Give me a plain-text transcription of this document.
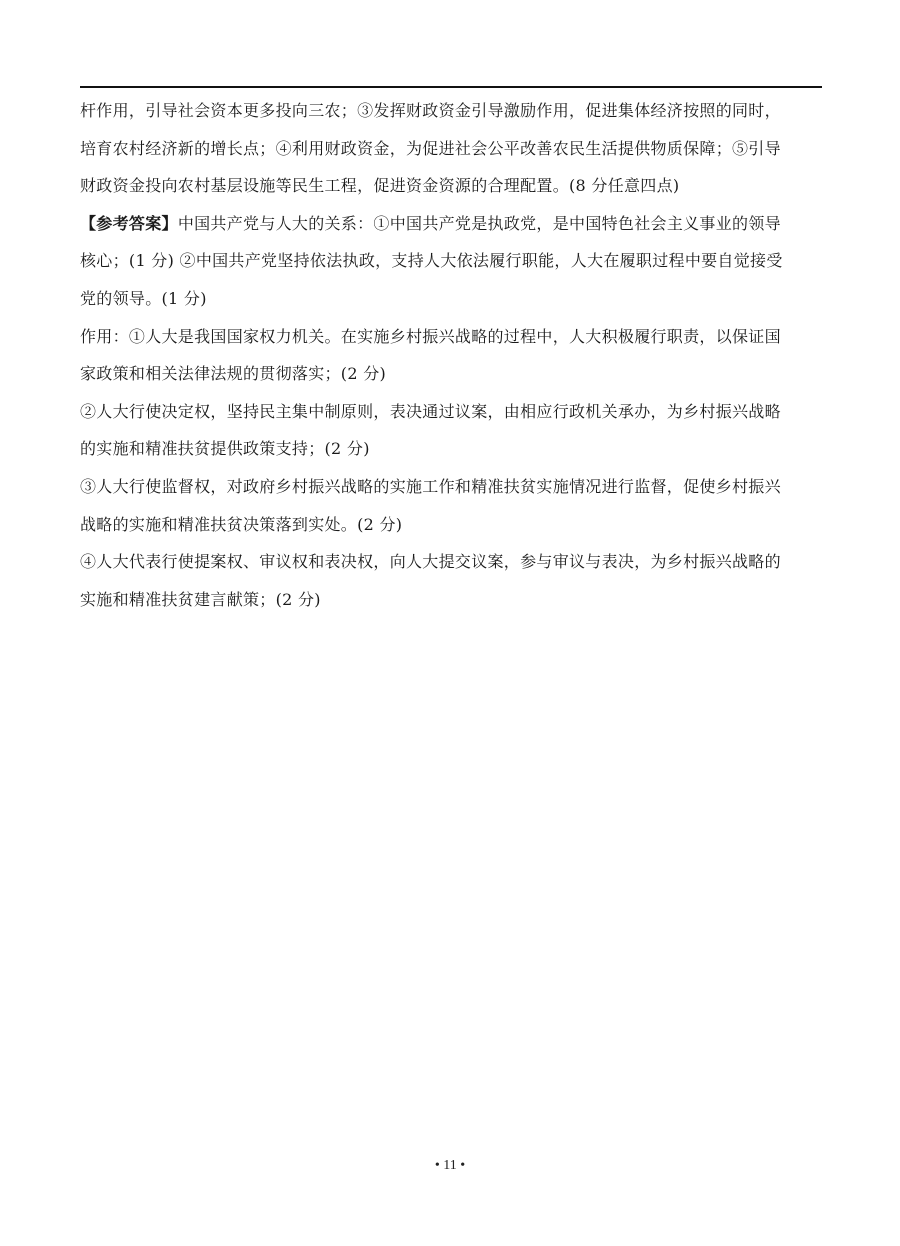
杆作用，引导社会资本更多投向三农；③发挥财政资金引导激励作用，促进集体经济按照的同时，
培育农村经济新的增长点；④利用财政资金，为促进社会公平改善农民生活提供物质保障；⑤引导
财政资金投向农村基层设施等民生工程，促进资金资源的合理配置。(8 分任意四点)

【参考答案】中国共产党与人大的关系：①中国共产党是执政党，是中国特色社会主义事业的领导
核心；(1 分) ②中国共产党坚持依法执政，支持人大依法履行职能，人大在履职过程中要自觉接受
党的领导。(1 分)

作用：①人大是我国国家权力机关。在实施乡村振兴战略的过程中，人大积极履行职责，以保证国
家政策和相关法律法规的贯彻落实；(2 分)

②人大行使决定权，坚持民主集中制原则，表决通过议案，由相应行政机关承办，为乡村振兴战略
的实施和精准扶贫提供政策支持；(2 分)

③人大行使监督权，对政府乡村振兴战略的实施工作和精准扶贫实施情况进行监督，促使乡村振兴
战略的实施和精准扶贫决策落到实处。(2 分)

④人大代表行使提案权、审议权和表决权，向人大提交议案，参与审议与表决，为乡村振兴战略的
实施和精准扶贫建言献策；(2 分)

• 11 •
